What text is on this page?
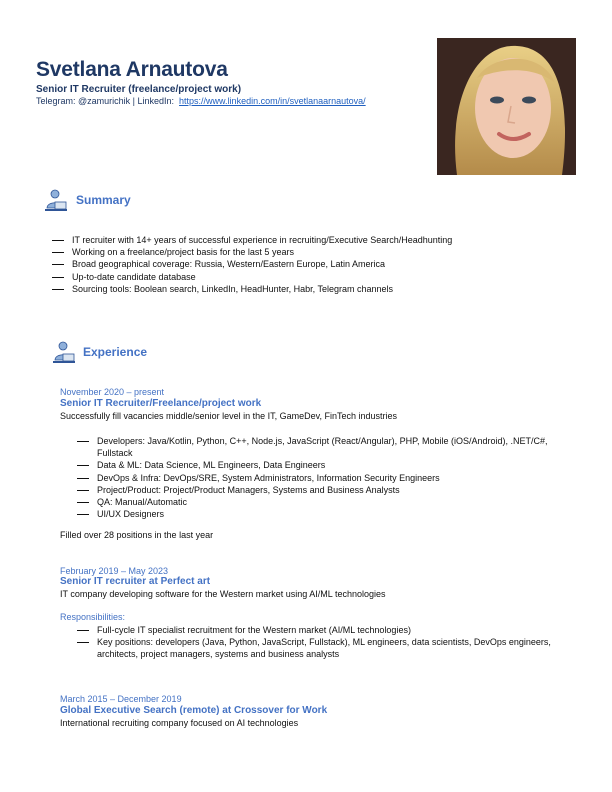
Svetlana Arnautova
Senior IT Recruiter (freelance/project work)
Telegram: @zamurichik | LinkedIn: https://www.linkedin.com/in/svetlanaarnautova/
Summary
IT recruiter with 14+ years of successful experience in recruiting/Executive Search/Headhunting
Working on a freelance/project basis for the last 5 years
Broad geographical coverage: Russia, Western/Eastern Europe, Latin America
Up-to-date candidate database
Sourcing tools: Boolean search, LinkedIn, HeadHunter, Habr, Telegram channels
Experience
November 2020 – present
Senior IT Recruiter/Freelance/project work
Successfully fill vacancies middle/senior level in the IT, GameDev, FinTech industries
Developers: Java/Kotlin, Python, C++, Node.js, JavaScript (React/Angular), PHP, Mobile (iOS/Android), .NET/C#, Fullstack
Data & ML: Data Science, ML Engineers, Data Engineers
DevOps & Infra: DevOps/SRE, System Administrators, Information Security Engineers
Project/Product: Project/Product Managers, Systems and Business Analysts
QA: Manual/Automatic
UI/UX Designers
Filled over 28 positions in the last year
February 2019 – May 2023
Senior IT recruiter at Perfect art
IT company developing software for the Western market using AI/ML technologies
Responsibilities:
Full-cycle IT specialist recruitment for the Western market (AI/ML technologies)
Key positions: developers (Java, Python, JavaScript, Fullstack), ML engineers, data scientists, DevOps engineers, architects, project managers, systems and business analysts
March 2015 – December 2019
Global Executive Search (remote) at Crossover for Work
International recruiting company focused on AI technologies
